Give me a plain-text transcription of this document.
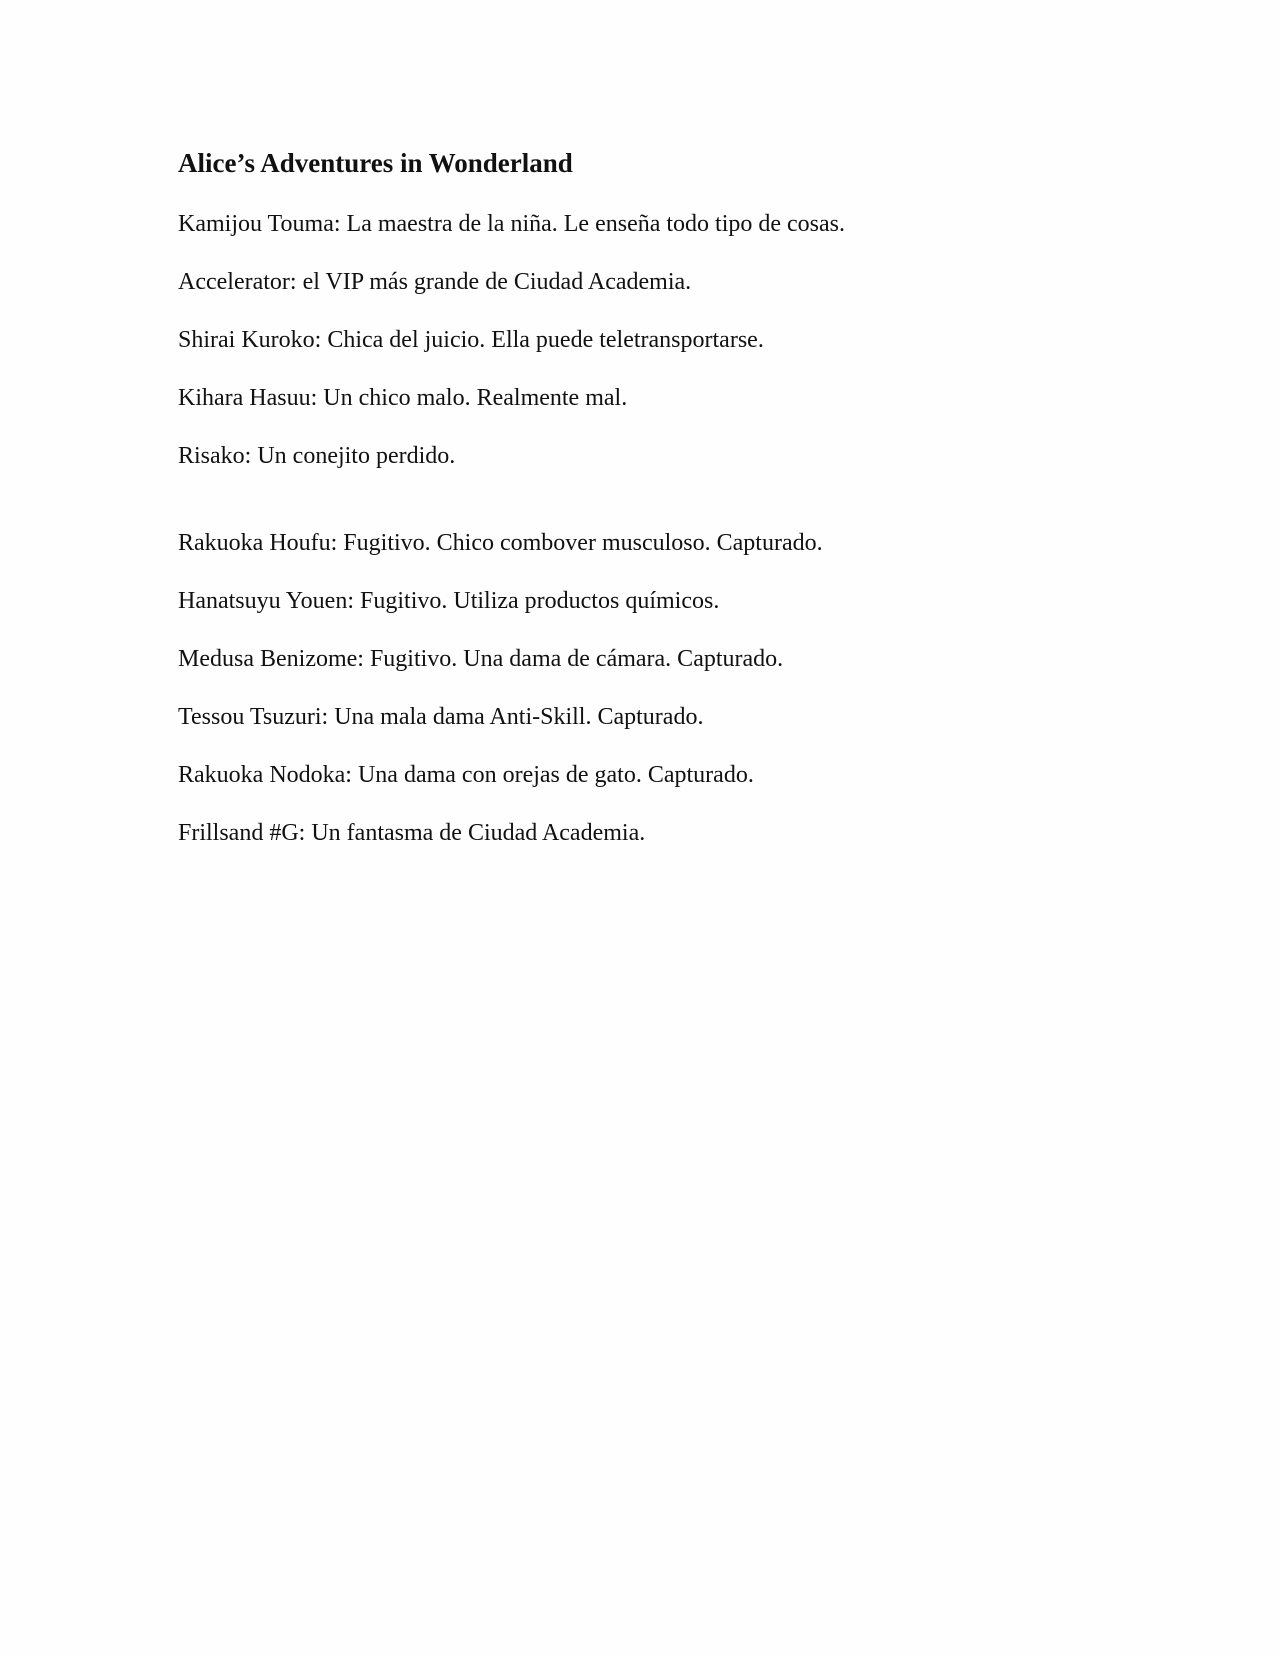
Alice’s Adventures in Wonderland

Kamijou Touma: La maestra de la niña. Le enseña todo tipo de cosas.

Accelerator: el VIP más grande de Ciudad Academia.

Shirai Kuroko: Chica del juicio. Ella puede teletransportarse.

Kihara Hasuu: Un chico malo. Realmente mal.

Risako: Un conejito perdido.

Rakuoka Houfu: Fugitivo. Chico combover musculoso. Capturado.

Hanatsuyu Youen: Fugitivo. Utiliza productos químicos.

Medusa Benizome: Fugitivo. Una dama de cámara. Capturado.

Tessou Tsuzuri: Una mala dama Anti-Skill. Capturado.

Rakuoka Nodoka: Una dama con orejas de gato. Capturado.

Frillsand #G: Un fantasma de Ciudad Academia.
